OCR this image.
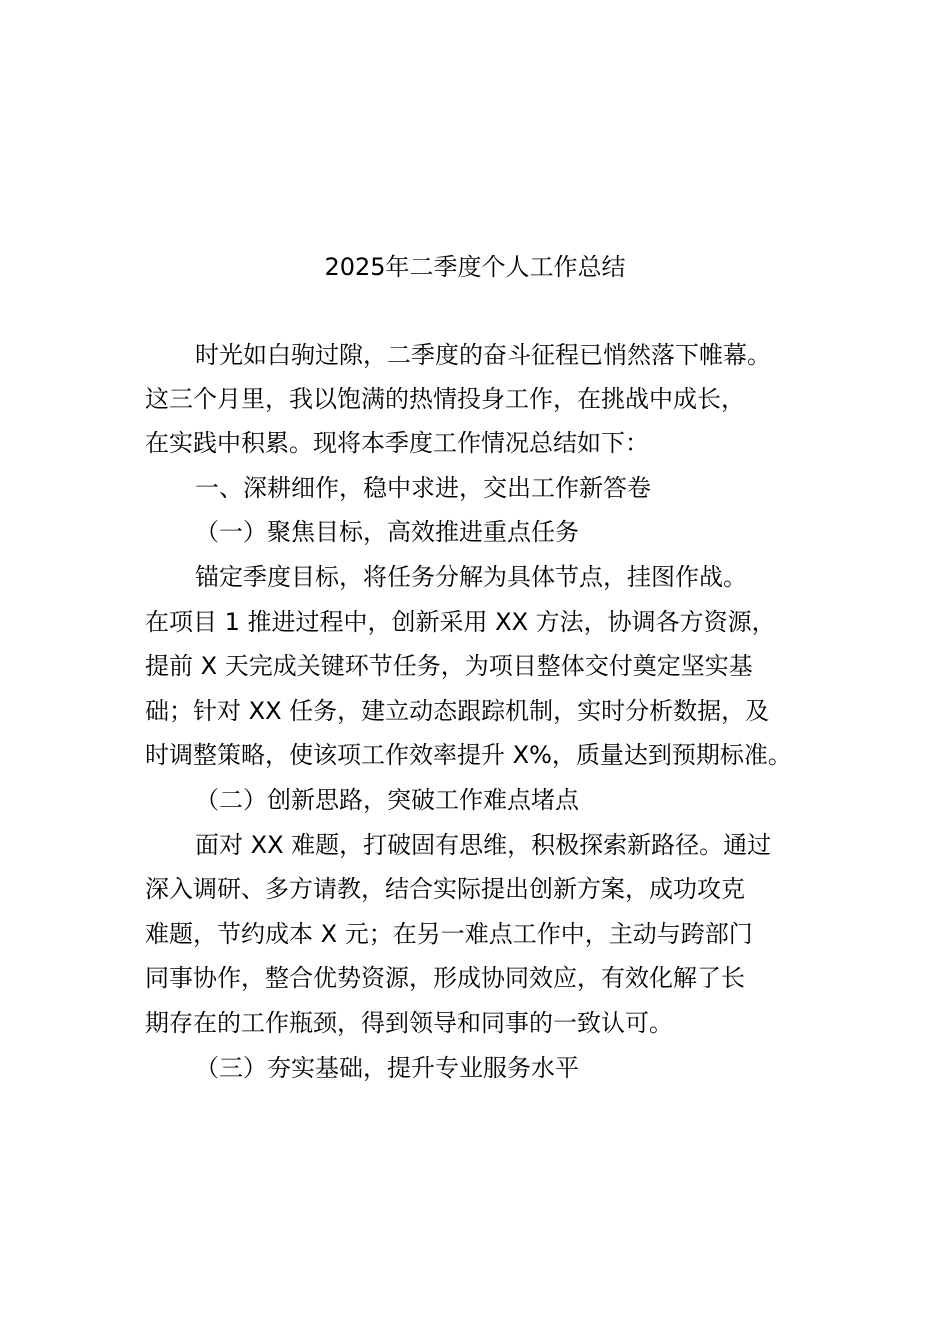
2025年二季度个人工作总结
时光如白驹过隙，二季度的奋斗征程已悄然落下帷幕。
这三个月里，我以饱满的热情投身工作，在挑战中成长，
在实践中积累。现将本季度工作情况总结如下：
一、深耕细作，稳中求进，交出工作新答卷
（一）聚焦目标，高效推进重点任务
锚定季度目标，将任务分解为具体节点，挂图作战。
在项目 1 推进过程中，创新采用 XX 方法，协调各方资源，
提前 X 天完成关键环节任务，为项目整体交付奠定坚实基
础；针对 XX 任务，建立动态跟踪机制，实时分析数据，及
时调整策略，使该项工作效率提升 X%，质量达到预期标准。
（二）创新思路，突破工作难点堵点
面对 XX 难题，打破固有思维，积极探索新路径。通过
深入调研、多方请教，结合实际提出创新方案，成功攻克
难题，节约成本 X 元；在另一难点工作中，主动与跨部门
同事协作，整合优势资源，形成协同效应，有效化解了长
期存在的工作瓶颈，得到领导和同事的一致认可。
（三）夯实基础，提升专业服务水平
